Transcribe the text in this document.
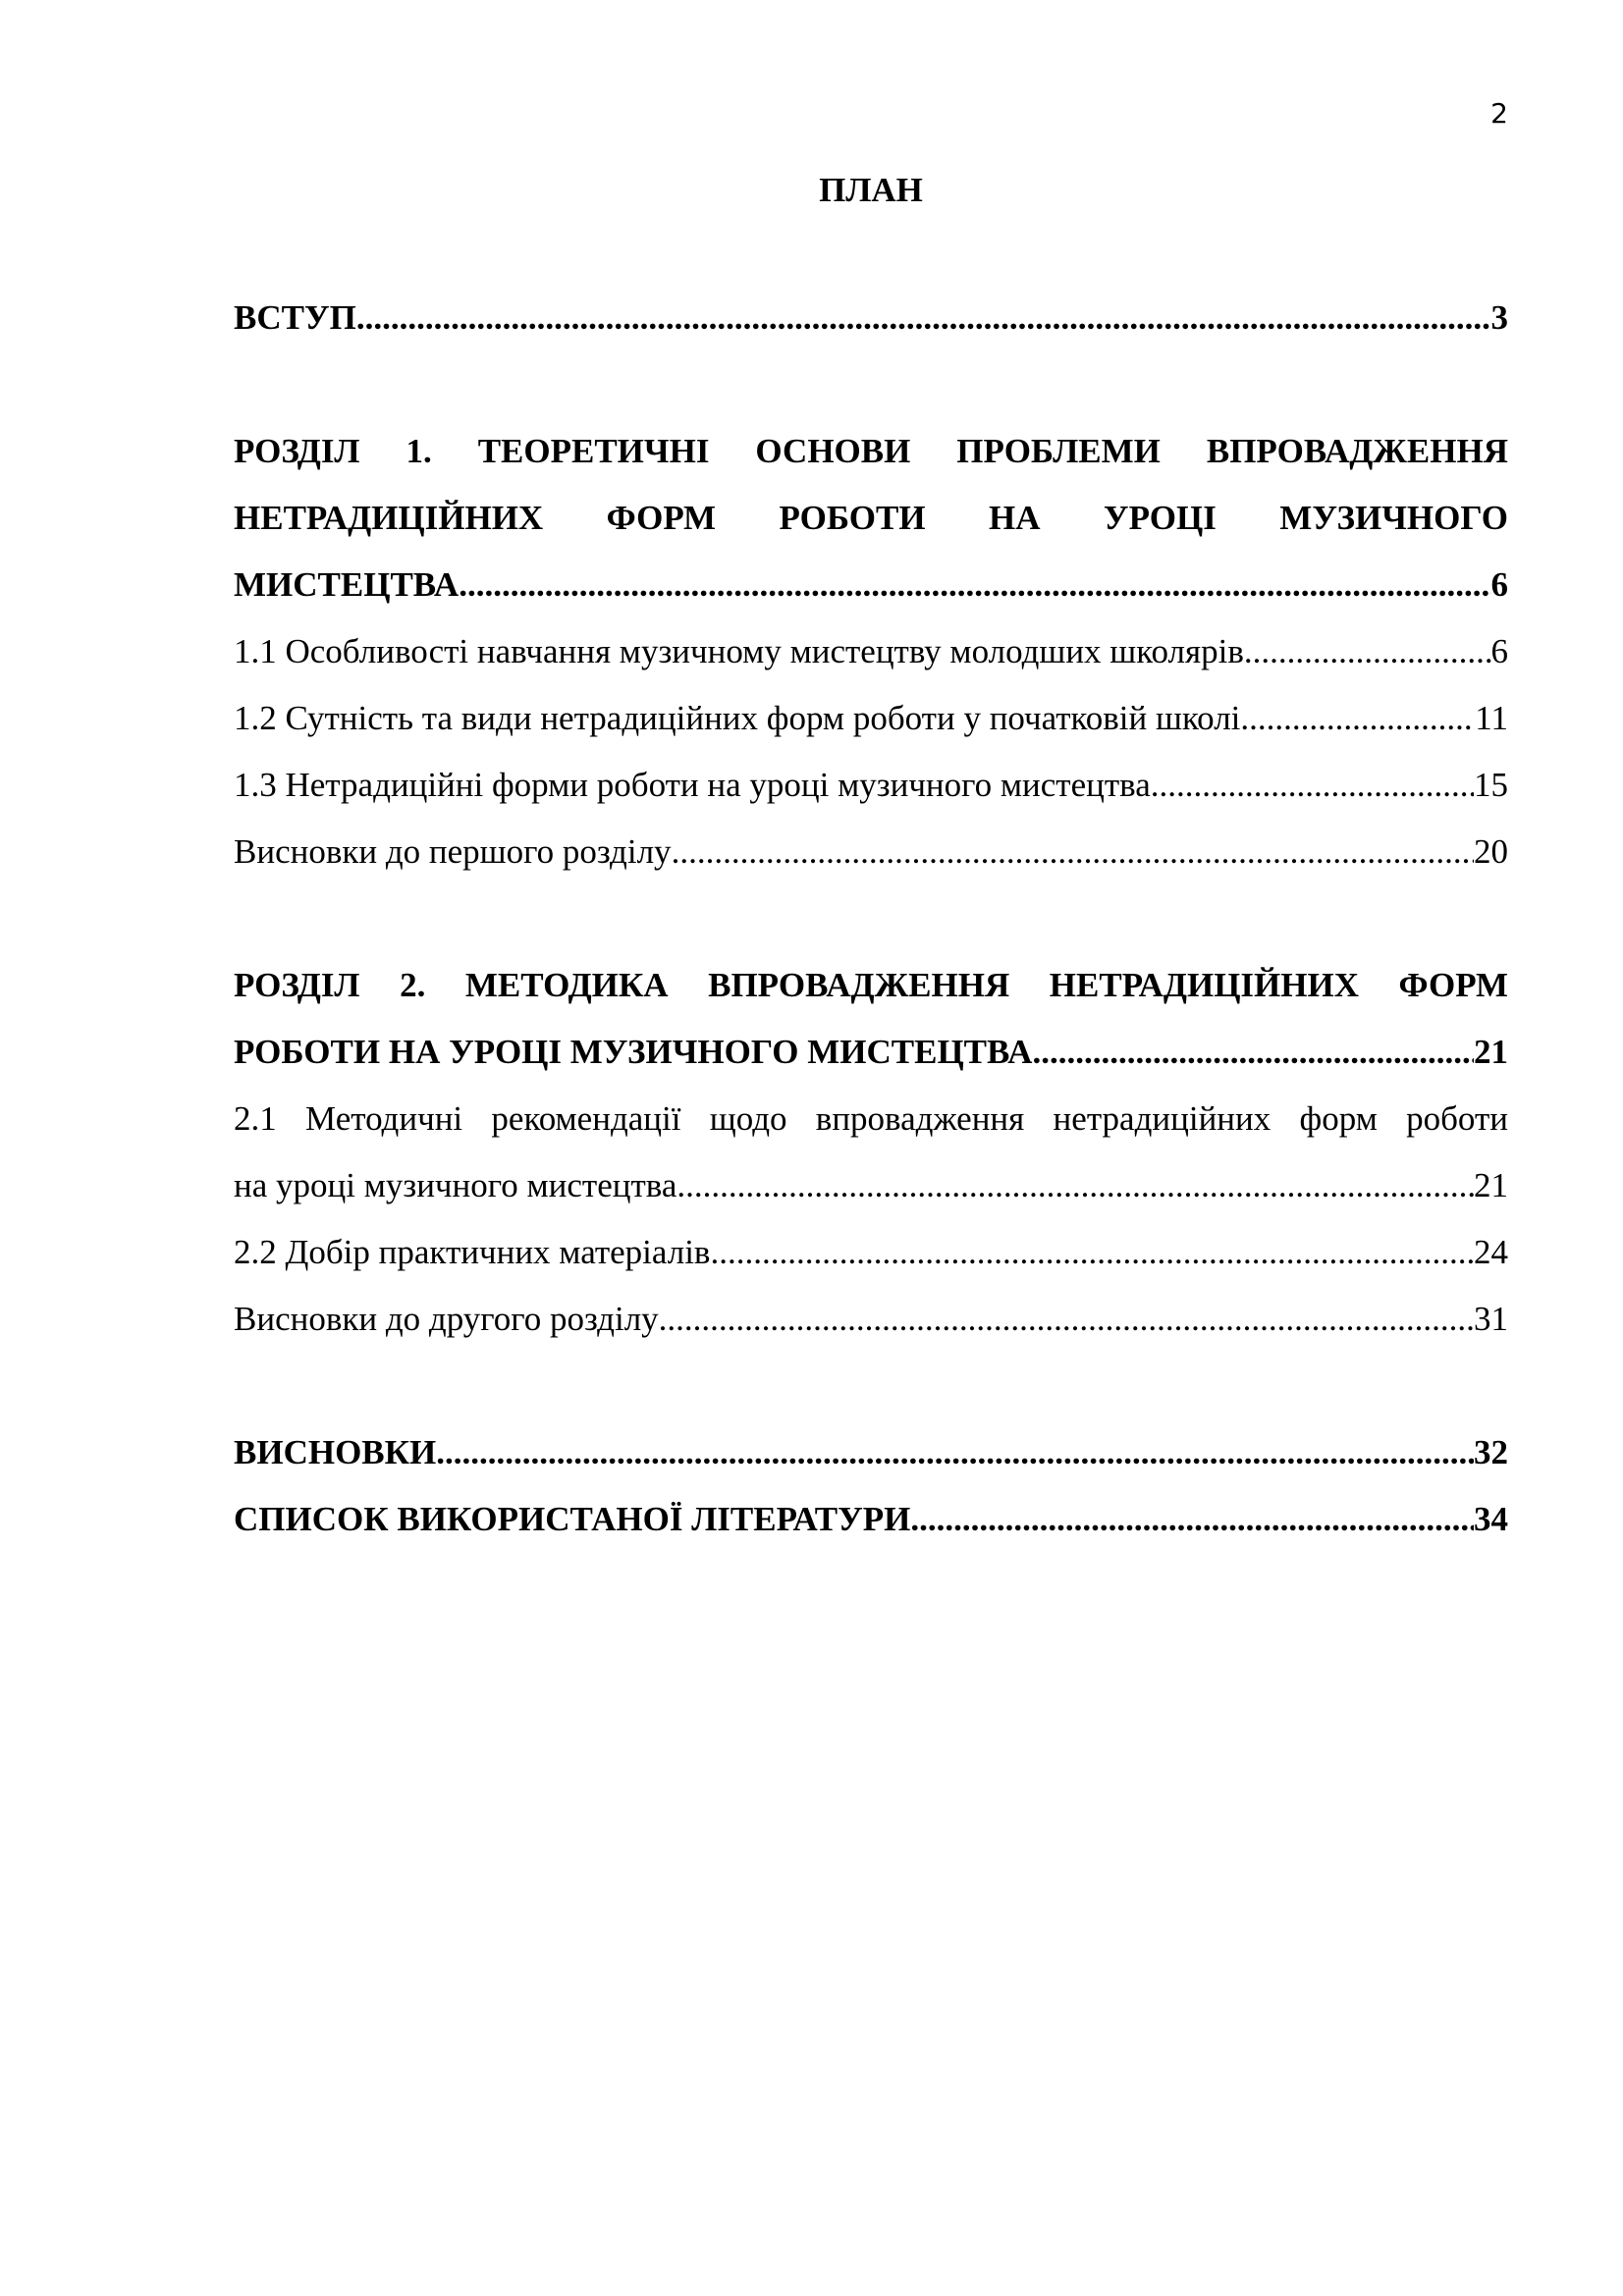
2
ПЛАН
ВСТУП .....	3
РОЗДІЛ 1. ТЕОРЕТИЧНІ ОСНОВИ ПРОБЛЕМИ ВПРОВАДЖЕННЯ
НЕТРАДИЦІЙНИХ ФОРМ РОБОТИ НА УРОЦІ МУЗИЧНОГО
МИСТЕЦТВА .....	6
1.1 Особливості навчання музичному мистецтву молодших школярів .....	6
1.2 Сутність та види нетрадиційних форм роботи у початковій школі .....	11
1.3 Нетрадиційні форми роботи на уроці музичного мистецтва .....	15
Висновки до першого розділу .....	20
РОЗДІЛ 2. МЕТОДИКА ВПРОВАДЖЕННЯ НЕТРАДИЦІЙНИХ ФОРМ
РОБОТИ НА УРОЦІ МУЗИЧНОГО МИСТЕЦТВА .....	21
2.1 Методичні рекомендації щодо впровадження нетрадиційних форм роботи
на уроці музичного мистецтва .....	21
2.2 Добір практичних матеріалів .....	24
Висновки до другого розділу .....	31
ВИСНОВКИ .....	32
СПИСОК ВИКОРИСТАНОЇ ЛІТЕРАТУРИ .....	34
